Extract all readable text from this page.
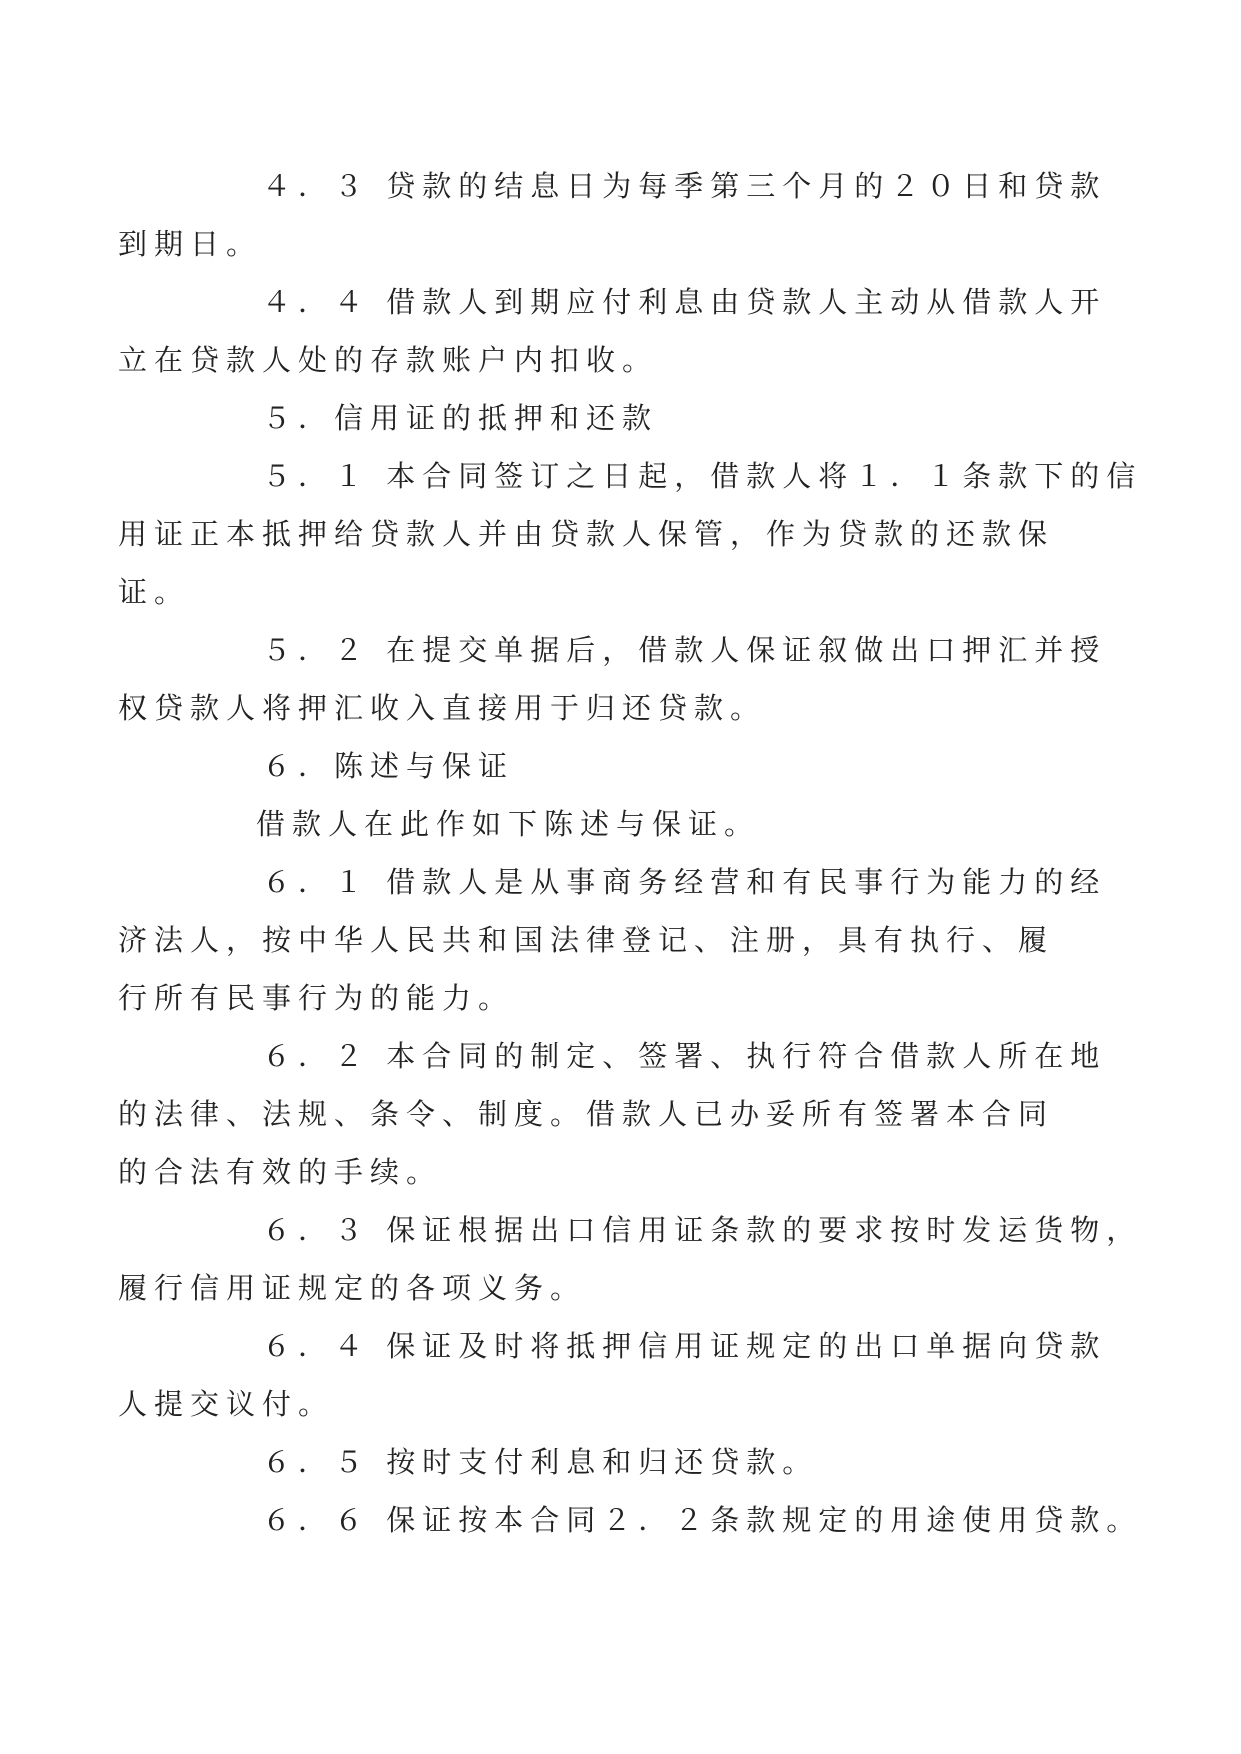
４．３ 贷款的结息日为每季第三个月的２０日和贷款
到期日。

４．４ 借款人到期应付利息由贷款人主动从借款人开
立在贷款人处的存款账户内扣收。

５．信用证的抵押和还款

５．１ 本合同签订之日起，借款人将１．１条款下的信
用证正本抵押给贷款人并由贷款人保管，作为贷款的还款保
证。

５．２ 在提交单据后，借款人保证叙做出口押汇并授
权贷款人将押汇收入直接用于归还贷款。

６．陈述与保证

借款人在此作如下陈述与保证。

６．１ 借款人是从事商务经营和有民事行为能力的经
济法人，按中华人民共和国法律登记、注册，具有执行、履
行所有民事行为的能力。

６．２ 本合同的制定、签署、执行符合借款人所在地
的法律、法规、条令、制度。借款人已办妥所有签署本合同
的合法有效的手续。

６．３ 保证根据出口信用证条款的要求按时发运货物，
履行信用证规定的各项义务。

６．４ 保证及时将抵押信用证规定的出口单据向贷款
人提交议付。

６．５ 按时支付利息和归还贷款。

６．６ 保证按本合同２．２条款规定的用途使用贷款。
